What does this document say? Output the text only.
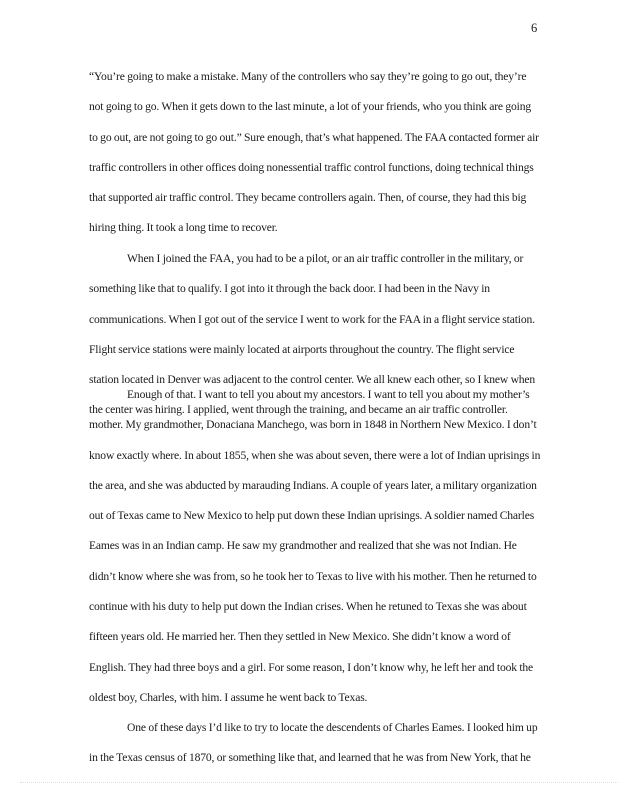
6
“You’re going to make a mistake. Many of the controllers who say they’re going to go out, they’re
not going to go. When it gets down to the last minute, a lot of your friends, who you think are going
to go out, are not going to go out.” Sure enough, that’s what happened. The FAA contacted former air
traffic controllers in other offices doing nonessential traffic control functions, doing technical things
that supported air traffic control. They became controllers again. Then, of course, they had this big
hiring thing. It took a long time to recover.
When I joined the FAA, you had to be a pilot, or an air traffic controller in the military, or
something like that to qualify. I got into it through the back door. I had been in the Navy in
communications. When I got out of the service I went to work for the FAA in a flight service station.
Flight service stations were mainly located at airports throughout the country. The flight service
station located in Denver was adjacent to the control center. We all knew each other, so I knew when
the center was hiring. I applied, went through the training, and became an air traffic controller.
Enough of that. I want to tell you about my ancestors. I want to tell you about my mother’s
mother. My grandmother, Donaciana Manchego, was born in 1848 in Northern New Mexico. I don’t
know exactly where. In about 1855, when she was about seven, there were a lot of Indian uprisings in
the area, and she was abducted by marauding Indians. A couple of years later, a military organization
out of Texas came to New Mexico to help put down these Indian uprisings. A soldier named Charles
Eames was in an Indian camp. He saw my grandmother and realized that she was not Indian. He
didn’t know where she was from, so he took her to Texas to live with his mother. Then he returned to
continue with his duty to help put down the Indian crises. When he retuned to Texas she was about
fifteen years old. He married her. Then they settled in New Mexico. She didn’t know a word of
English. They had three boys and a girl. For some reason, I don’t know why, he left her and took the
oldest boy, Charles, with him. I assume he went back to Texas.
One of these days I’d like to try to locate the descendents of Charles Eames. I looked him up
in the Texas census of 1870, or something like that, and learned that he was from New York, that he
